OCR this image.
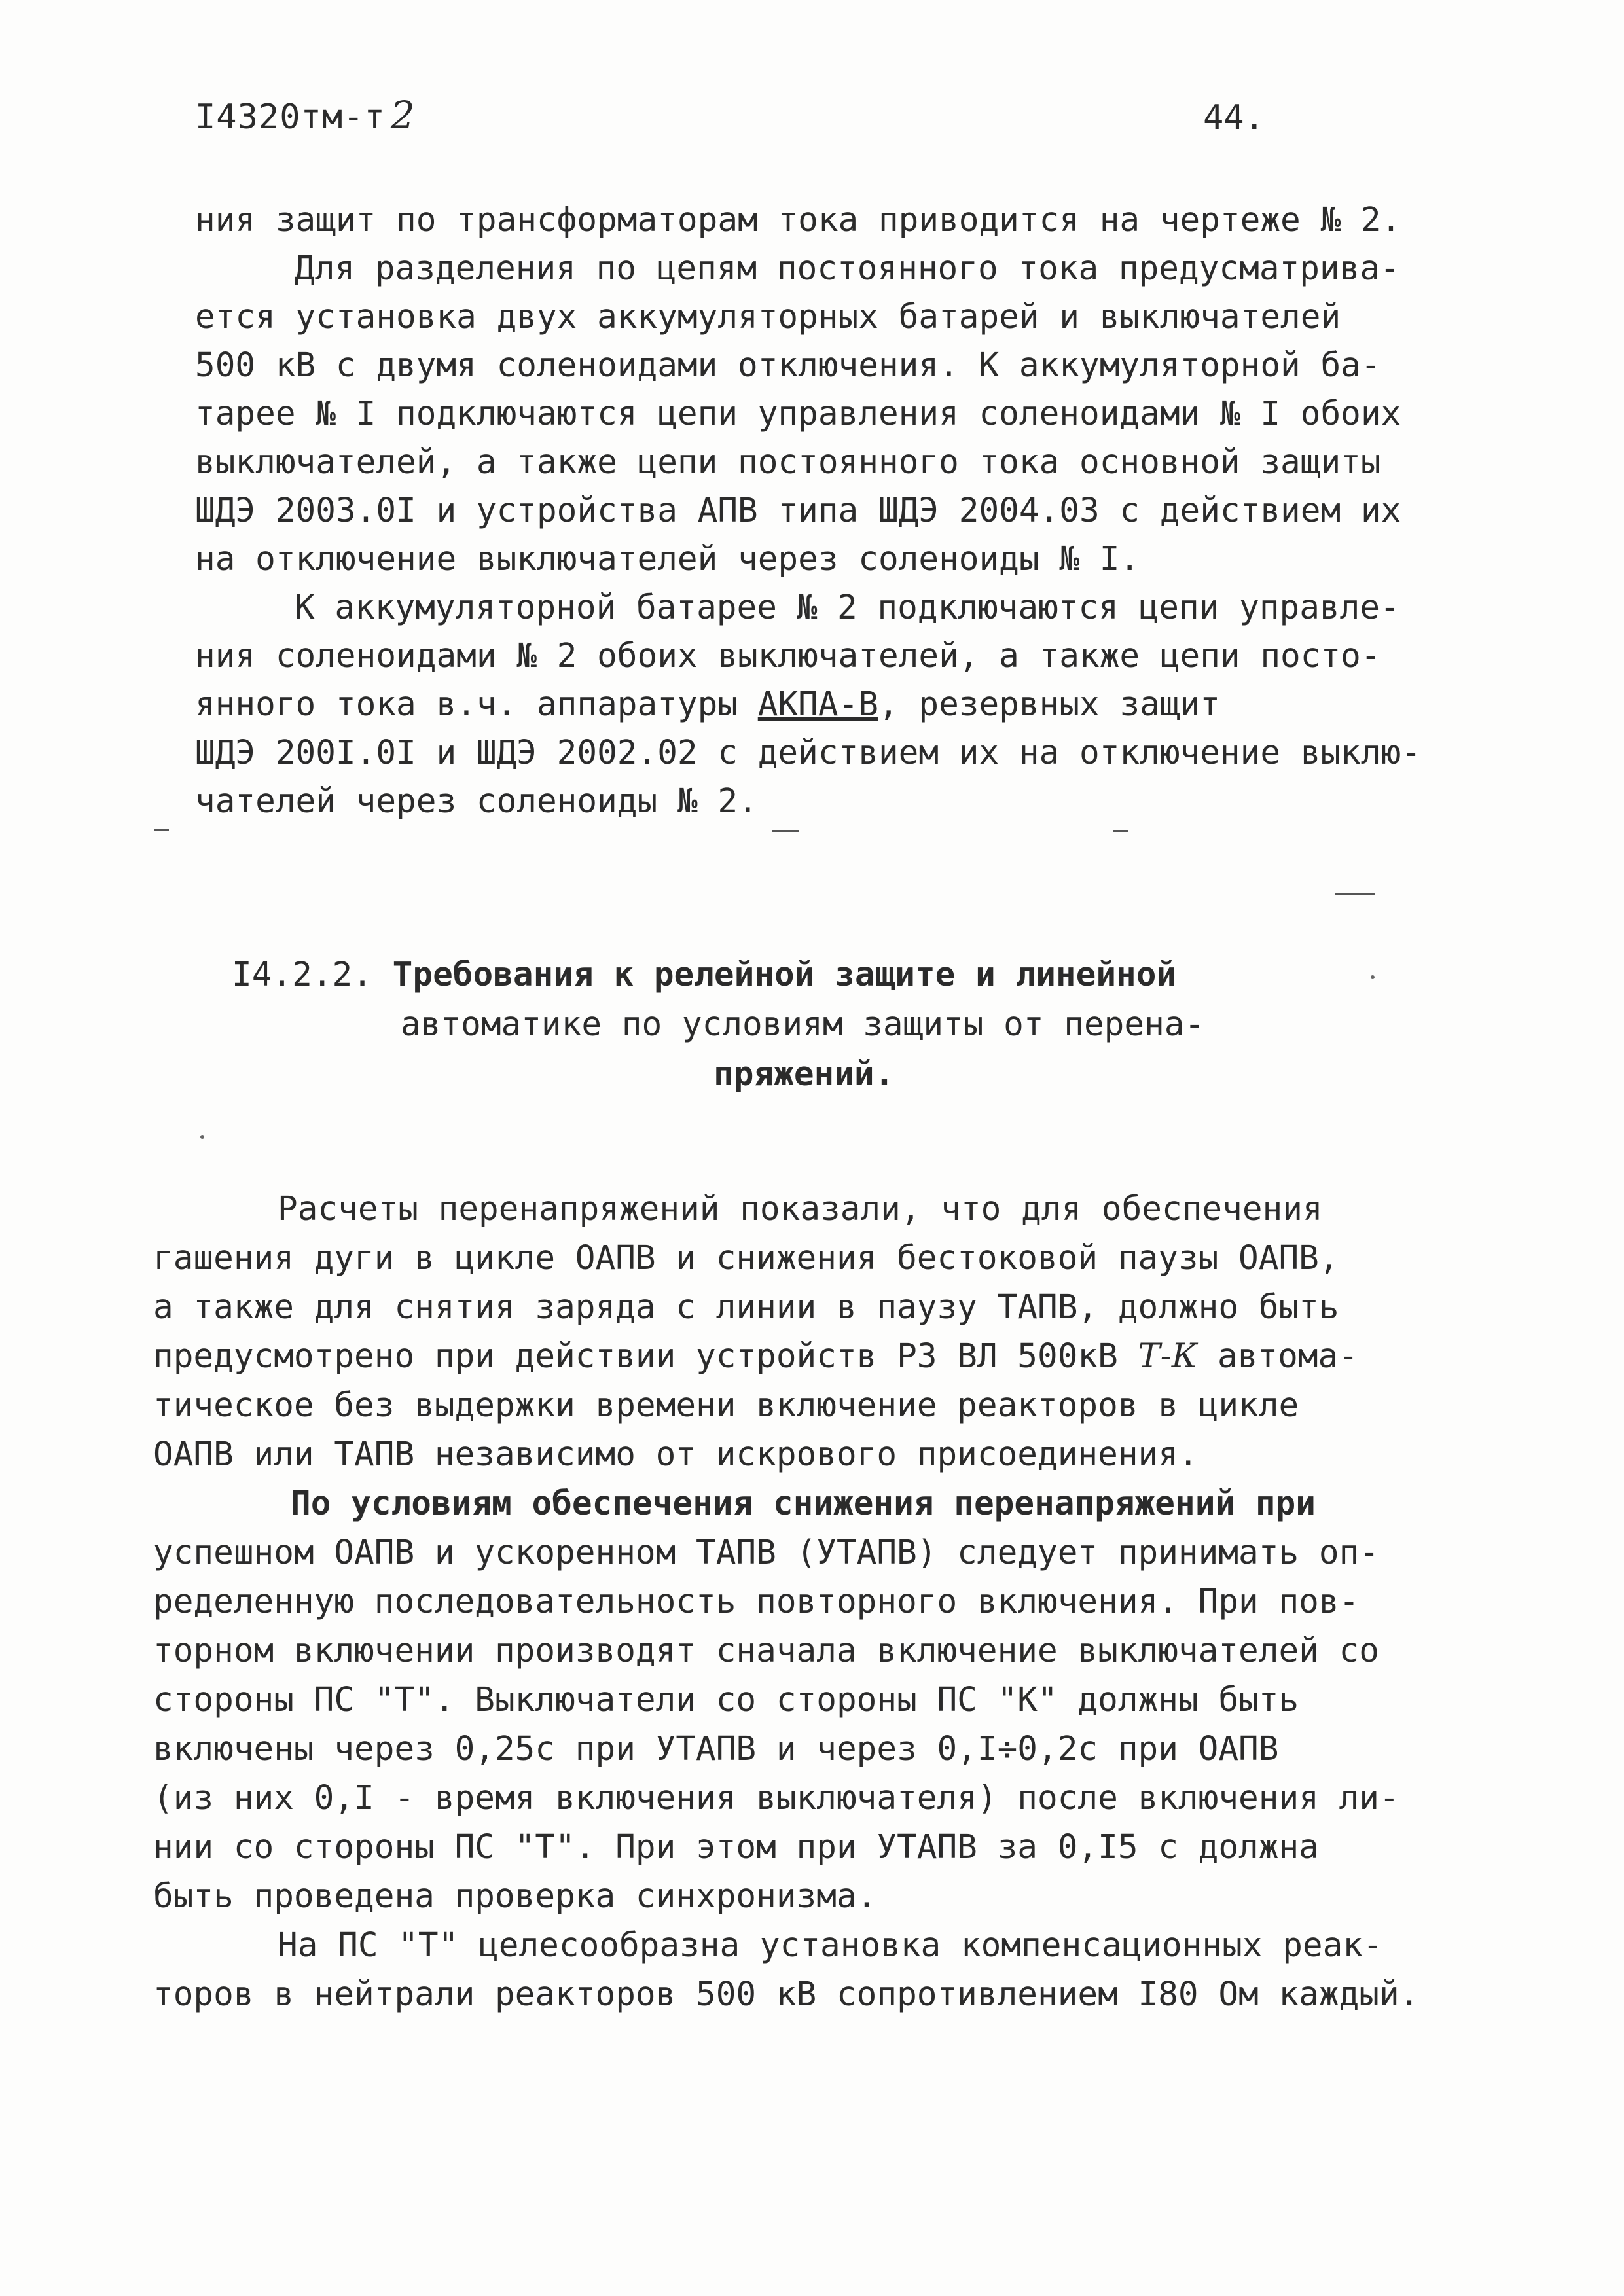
I4320тм-т 2	44.
ния защит по трансформаторам тока приводится на чертеже № 2.
Для разделения по цепям постоянного тока предусматрива-
ется установка двух аккумуляторных батарей и выключателей
500 кВ с двумя соленоидами отключения. К аккумуляторной ба-
тарее № I подключаются цепи управления соленоидами № I обоих
выключателей, а также цепи постоянного тока основной защиты
ШДЭ 2003.0I и устройства АПВ типа ШДЭ 2004.03 с действием их
на отключение выключателей через соленоиды № I.
К аккумуляторной батарее № 2 подключаются цепи управле-
ния соленоидами № 2 обоих выключателей, а также цепи посто-
янного тока в.ч. аппаратуры АКПА-В, резервных защит
ШДЭ 200I.0I и ШДЭ 2002.02 с действием их на отключение выклю-
чателей через соленоиды № 2.
I4.2.2. Требования к релейной защите и линейной
автоматике по условиям защиты от перена-
пряжений.
Расчеты перенапряжений показали, что для обеспечения
гашения дуги в цикле ОАПВ и снижения бестоковой паузы ОАПВ,
а также для снятия заряда с линии в паузу ТАПВ, должно быть
предусмотрено при действии устройств РЗ ВЛ 500кВ Т-К автома-
тическое без выдержки времени включение реакторов в цикле
ОАПВ или ТАПВ независимо от искрового присоединения.
По условиям обеспечения снижения перенапряжений при
успешном ОАПВ и ускоренном ТАПВ (УТАПВ) следует принимать оп-
ределенную последовательность повторного включения. При пов-
торном включении производят сначала включение выключателей со
стороны ПС "Т". Выключатели со стороны ПС "К" должны быть
включены через 0,25с при УТАПВ и через 0,I÷0,2с при ОАПВ
(из них 0,I - время включения выключателя) после включения ли-
нии со стороны ПС "Т". При этом при УТАПВ за 0,I5 с должна
быть проведена проверка синхронизма.
На ПС "Т" целесообразна установка компенсационных реак-
торов в нейтрали реакторов 500 кВ сопротивлением I80 Ом каждый.
